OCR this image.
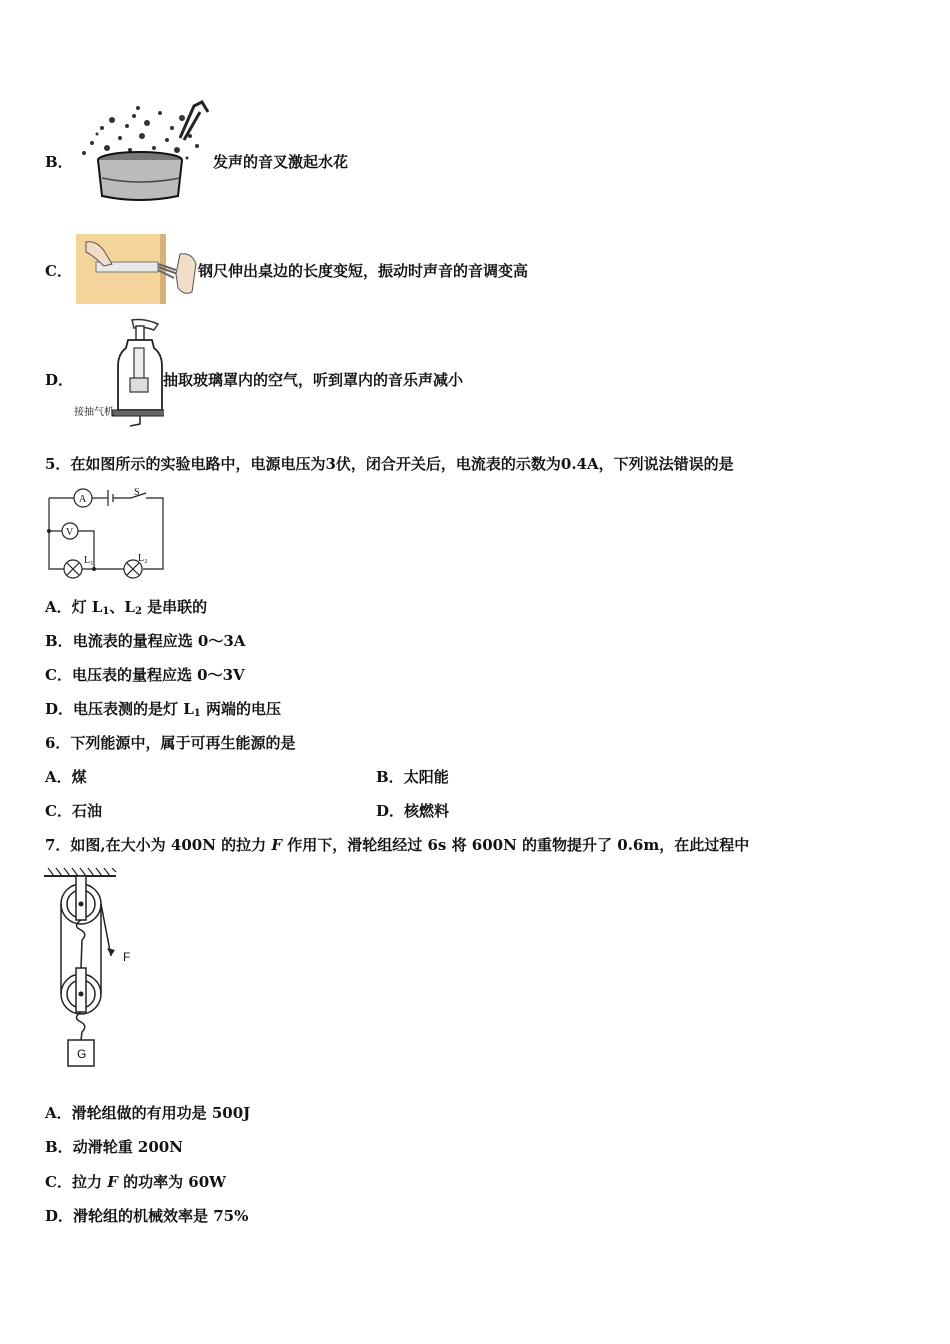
B．	发声的音叉激起水花
C．	钢尺伸出桌边的长度变短，振动时声音的音调变高
D．
接抽气机
抽取玻璃罩内的空气，听到罩内的音乐声减小
5．在如图所示的实验电路中，电源电压为3伏，闭合开关后，电流表的示数为0.4A，下列说法错误的是
A
S
V
L₁	L₂
A．灯 $L_1$、$L_2$ 是串联的
B．电流表的量程应选 0～3A
C．电压表的量程应选 0～3V
D．电压表测的是灯 $L_1$ 两端的电压
6．下列能源中，属于可再生能源的是
A．煤	B．太阳能
C．石油	D．核燃料
7．如图,在大小为 400N 的拉力 F 作用下，滑轮组经过 6s 将 600N 的重物提升了 0.6m，在此过程中
F
G
A．滑轮组做的有用功是 500J
B．动滑轮重 200N
C．拉力 F 的功率为 60W
D．滑轮组的机械效率是 75%
